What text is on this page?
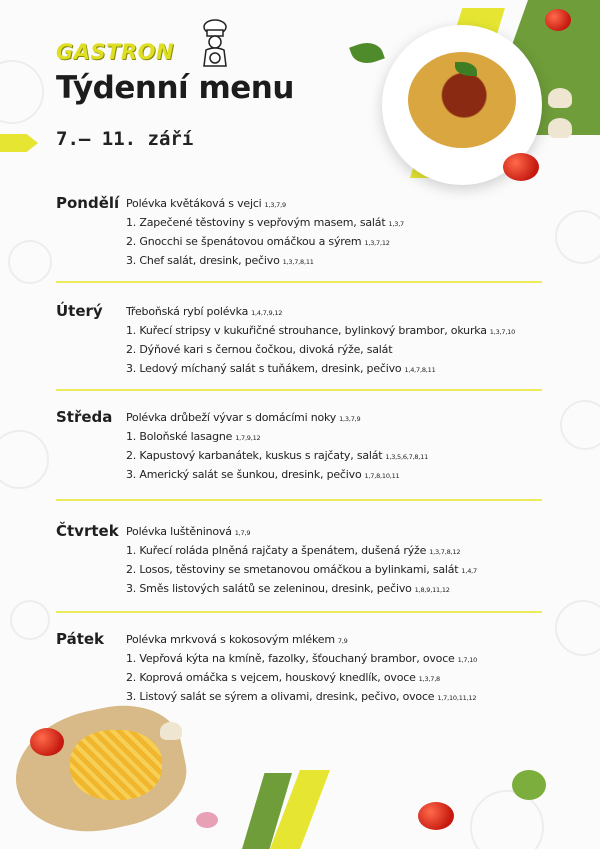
GASTRON
Týdenní menu
7.– 11. září
Pondělí Polévka květáková s vejci 1,3,7,9
1. Zapečené těstoviny s vepřovým masem, salát 1,3,7
2. Gnocchi se špenátovou omáčkou a sýrem 1,3,7,12
3. Chef salát, dresink, pečivo 1,3,7,8,11
Úterý Třeboňská rybí polévka 1,4,7,9,12
1. Kuřecí stripsy v kukuřičné strouhance, bylinkový brambor, okurka 1,3,7,10
2. Dýňové kari s černou čočkou, divoká rýže, salát
3. Ledový míchaný salát s tuňákem, dresink, pečivo 1,4,7,8,11
Středa Polévka drůbeží vývar s domácími noky 1,3,7,9
1. Boloňské lasagne 1,7,9,12
2. Kapustový karbanátek, kuskus s rajčaty, salát 1,3,5,6,7,8,11
3. Americký salát se šunkou, dresink, pečivo 1,7,8,10,11
Čtvrtek Polévka luštěninová 1,7,9
1. Kuřecí roláda plněná rajčaty a špenátem, dušená rýže 1,3,7,8,12
2. Losos, těstoviny se smetanovou omáčkou a bylinkami, salát 1,4,7
3. Směs listových salátů se zeleninou, dresink, pečivo 1,8,9,11,12
Pátek Polévka mrkvová s kokosovým mlékem 7,9
1. Vepřová kýta na kmíně, fazolky, šťouchaný brambor, ovoce 1,7,10
2. Koprová omáčka s vejcem, houskový knedlík, ovoce 1,3,7,8
3. Listový salát se sýrem a olivami, dresink, pečivo, ovoce 1,7,10,11,12
